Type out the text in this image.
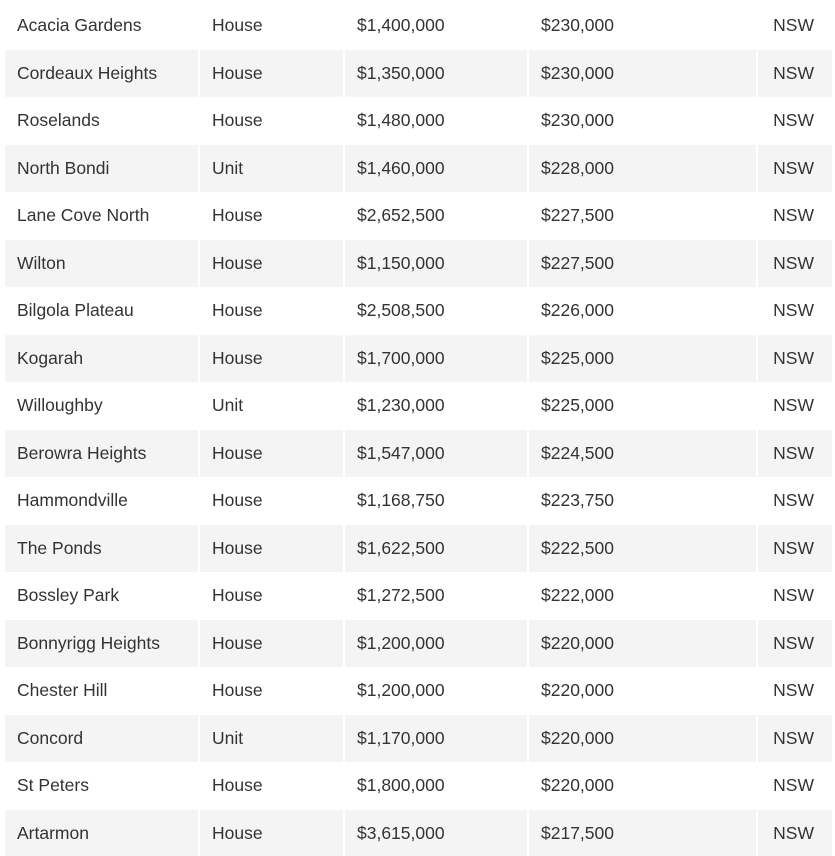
Acacia Gardens	House	$1,400,000	$230,000	NSW
Cordeaux Heights	House	$1,350,000	$230,000	NSW
Roselands	House	$1,480,000	$230,000	NSW
North Bondi	Unit	$1,460,000	$228,000	NSW
Lane Cove North	House	$2,652,500	$227,500	NSW
Wilton	House	$1,150,000	$227,500	NSW
Bilgola Plateau	House	$2,508,500	$226,000	NSW
Kogarah	House	$1,700,000	$225,000	NSW
Willoughby	Unit	$1,230,000	$225,000	NSW
Berowra Heights	House	$1,547,000	$224,500	NSW
Hammondville	House	$1,168,750	$223,750	NSW
The Ponds	House	$1,622,500	$222,500	NSW
Bossley Park	House	$1,272,500	$222,000	NSW
Bonnyrigg Heights	House	$1,200,000	$220,000	NSW
Chester Hill	House	$1,200,000	$220,000	NSW
Concord	Unit	$1,170,000	$220,000	NSW
St Peters	House	$1,800,000	$220,000	NSW
Artarmon	House	$3,615,000	$217,500	NSW
